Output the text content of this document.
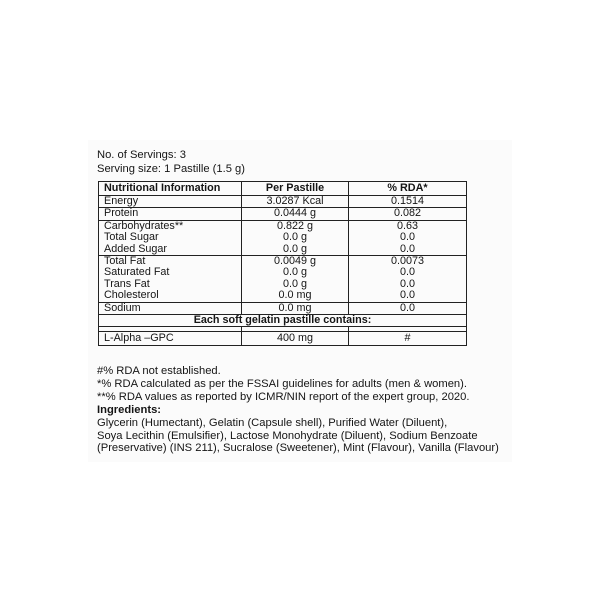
No. of Servings: 3
Serving size: 1 Pastille (1.5 g)
Nutritional Information	Per Pastille	% RDA*
Energy	3.0287 Kcal	0.1514
Protein	0.0444 g	0.082
Carbohydrates**	0.822 g	0.63
Total Sugar	0.0 g	0.0
Added Sugar	0.0 g	0.0
Total Fat	0.0049 g	0.0073
Saturated Fat	0.0 g	0.0
Trans Fat	0.0 g	0.0
Cholesterol	0.0 mg	0.0
Sodium	0.0 mg	0.0
Each soft gelatin pastille contains:		

L-Alpha –GPC	400 mg	#
#% RDA not established.
*% RDA calculated as per the FSSAI guidelines for adults (men & women).
**% RDA values as reported by ICMR/NIN report of the expert group, 2020.
Ingredients:
Glycerin (Humectant), Gelatin (Capsule shell), Purified Water (Diluent),
Soya Lecithin (Emulsifier), Lactose Monohydrate (Diluent), Sodium Benzoate
(Preservative) (INS 211), Sucralose (Sweetener), Mint (Flavour), Vanilla (Flavour)
